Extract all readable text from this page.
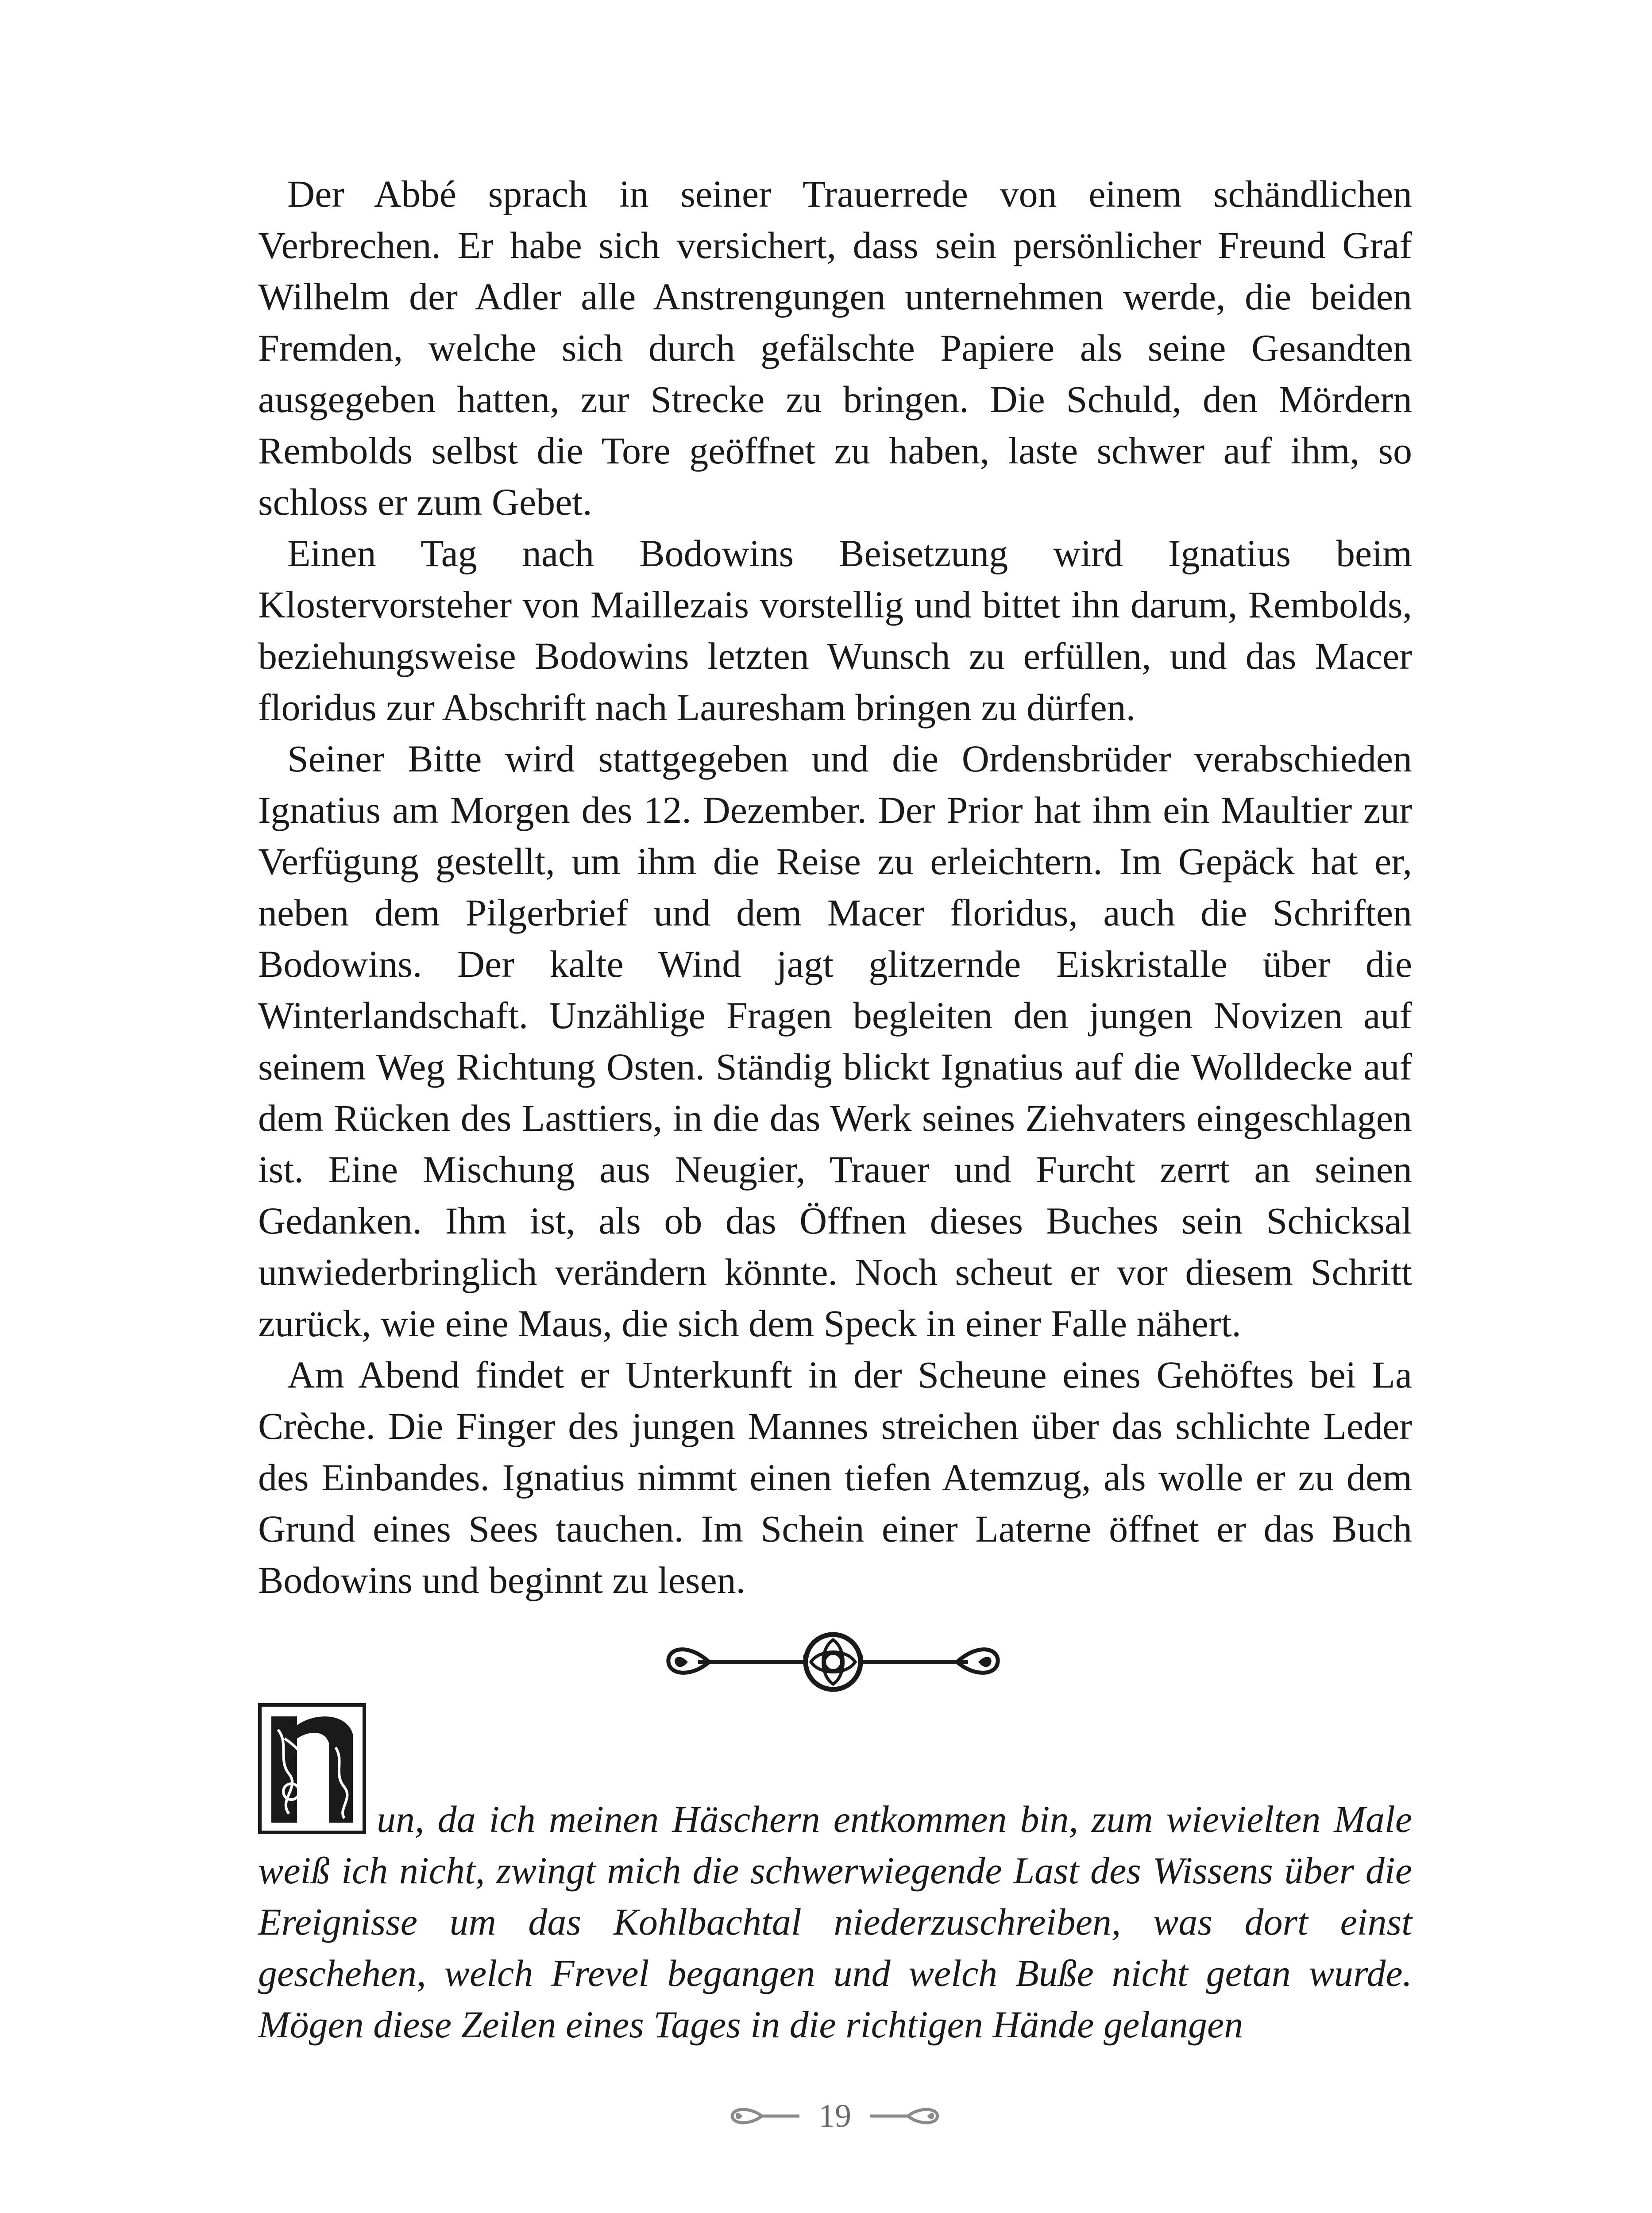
Der Abbé sprach in seiner Trauerrede von einem schändlichen Verbrechen. Er habe sich versichert, dass sein persönlicher Freund Graf Wilhelm der Adler alle Anstrengungen unternehmen werde, die beiden Fremden, welche sich durch gefälschte Papiere als seine Gesandten ausgegeben hatten, zur Strecke zu bringen. Die Schuld, den Mördern Rembolds selbst die Tore geöffnet zu haben, laste schwer auf ihm, so schloss er zum Gebet.

Einen Tag nach Bodowins Beisetzung wird Ignatius beim Klostervorsteher von Maillezais vorstellig und bittet ihn darum, Rembolds, beziehungsweise Bodowins letzten Wunsch zu erfüllen, und das Macer floridus zur Abschrift nach Lauresham bringen zu dürfen.

Seiner Bitte wird stattgegeben und die Ordensbrüder verabschieden Ignatius am Morgen des 12. Dezember. Der Prior hat ihm ein Maultier zur Verfügung gestellt, um ihm die Reise zu erleichtern. Im Gepäck hat er, neben dem Pilgerbrief und dem Macer floridus, auch die Schriften Bodowins. Der kalte Wind jagt glitzernde Eiskristalle über die Winterlandschaft. Unzählige Fragen begleiten den jungen Novizen auf seinem Weg Richtung Osten. Ständig blickt Ignatius auf die Wolldecke auf dem Rücken des Lasttiers, in die das Werk seines Ziehvaters eingeschlagen ist. Eine Mischung aus Neugier, Trauer und Furcht zerrt an seinen Gedanken. Ihm ist, als ob das Öffnen dieses Buches sein Schicksal unwiederbringlich verändern könnte. Noch scheut er vor diesem Schritt zurück, wie eine Maus, die sich dem Speck in einer Falle nähert.

Am Abend findet er Unterkunft in der Scheune eines Gehöftes bei La Crèche. Die Finger des jungen Mannes streichen über das schlichte Leder des Einbandes. Ignatius nimmt einen tiefen Atemzug, als wolle er zu dem Grund eines Sees tauchen. Im Schein einer Laterne öffnet er das Buch Bodowins und beginnt zu lesen.

un, da ich meinen Häschern entkommen bin, zum wievielten Male weiß ich nicht, zwingt mich die schwerwiegende Last des Wissens über die Ereignisse um das Kohlbachtal niederzuschreiben, was dort einst geschehen, welch Frevel begangen und welch Buße nicht getan wurde. Mögen diese Zeilen eines Tages in die richtigen Hände gelangen

19
